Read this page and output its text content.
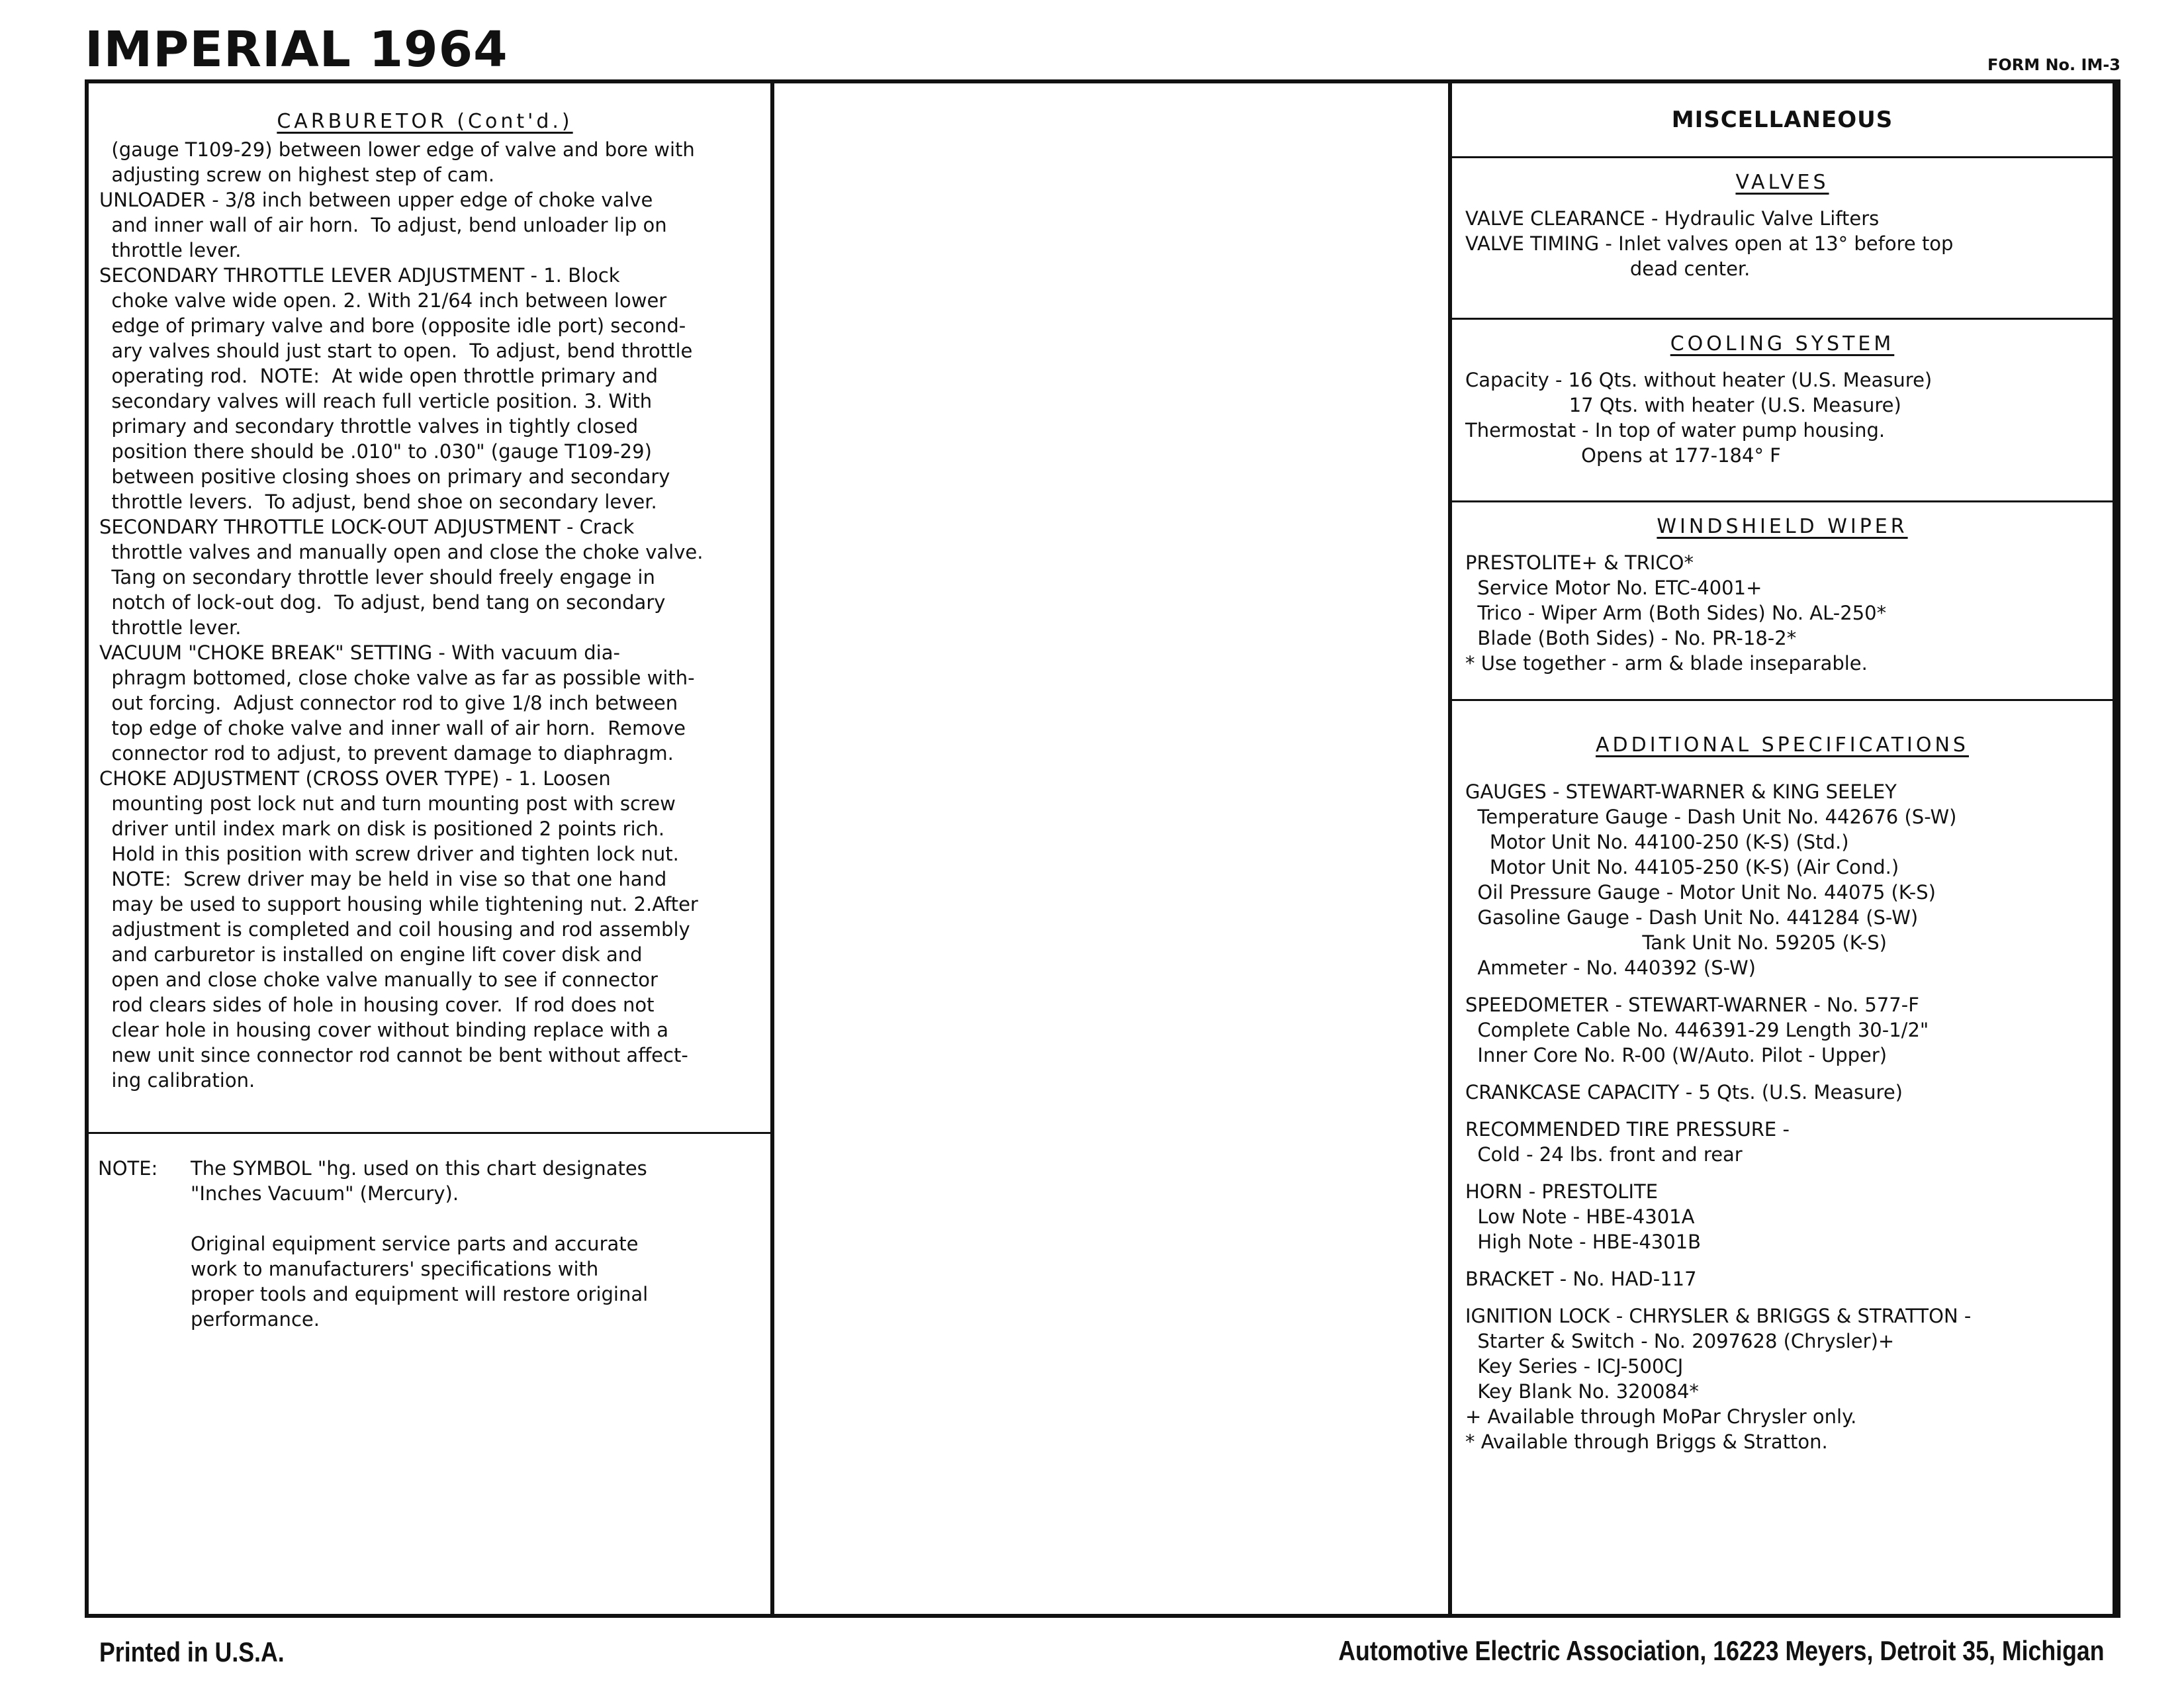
IMPERIAL 1964	FORM No. IM-3
CARBURETOR (Cont'd.)
(gauge T109-29) between lower edge of valve and bore with
adjusting screw on highest step of cam.
UNLOADER - 3/8 inch between upper edge of choke valve
and inner wall of air horn.  To adjust, bend unloader lip on
throttle lever.
SECONDARY THROTTLE LEVER ADJUSTMENT - 1. Block
choke valve wide open. 2. With 21/64 inch between lower
edge of primary valve and bore (opposite idle port) second-
ary valves should just start to open.  To adjust, bend throttle
operating rod.  NOTE:  At wide open throttle primary and
secondary valves will reach full verticle position. 3. With
primary and secondary throttle valves in tightly closed
position there should be .010" to .030" (gauge T109-29)
between positive closing shoes on primary and secondary
throttle levers.  To adjust, bend shoe on secondary lever.
SECONDARY THROTTLE LOCK-OUT ADJUSTMENT - Crack
throttle valves and manually open and close the choke valve.
Tang on secondary throttle lever should freely engage in
notch of lock-out dog.  To adjust, bend tang on secondary
throttle lever.
VACUUM "CHOKE BREAK" SETTING - With vacuum dia-
phragm bottomed, close choke valve as far as possible with-
out forcing.  Adjust connector rod to give 1/8 inch between
top edge of choke valve and inner wall of air horn.  Remove
connector rod to adjust, to prevent damage to diaphragm.
CHOKE ADJUSTMENT (CROSS OVER TYPE) - 1. Loosen
mounting post lock nut and turn mounting post with screw
driver until index mark on disk is positioned 2 points rich.
Hold in this position with screw driver and tighten lock nut.
NOTE:  Screw driver may be held in vise so that one hand
may be used to support housing while tightening nut. 2.After
adjustment is completed and coil housing and rod assembly
and carburetor is installed on engine lift cover disk and
open and close choke valve manually to see if connector
rod clears sides of hole in housing cover.  If rod does not
clear hole in housing cover without binding replace with a
new unit since connector rod cannot be bent without affect-
ing calibration.
NOTE:	The SYMBOL "hg. used on this chart designates
"Inches Vacuum" (Mercury).
Original equipment service parts and accurate
work to manufacturers' specifications with
proper tools and equipment will restore original
performance.
MISCELLANEOUS
VALVES
VALVE CLEARANCE - Hydraulic Valve Lifters
VALVE TIMING - Inlet valves open at 13° before top
dead center.
COOLING SYSTEM
Capacity - 16 Qts. without heater (U.S. Measure)
17 Qts. with heater (U.S. Measure)
Thermostat - In top of water pump housing.
Opens at 177-184° F
WINDSHIELD WIPER
PRESTOLITE+ & TRICO*
Service Motor No. ETC-4001+
Trico - Wiper Arm (Both Sides) No. AL-250*
Blade (Both Sides) - No. PR-18-2*
* Use together - arm & blade inseparable.
ADDITIONAL SPECIFICATIONS
GAUGES - STEWART-WARNER & KING SEELEY
Temperature Gauge - Dash Unit No. 442676 (S-W)
Motor Unit No. 44100-250 (K-S) (Std.)
Motor Unit No. 44105-250 (K-S) (Air Cond.)
Oil Pressure Gauge - Motor Unit No. 44075 (K-S)
Gasoline Gauge - Dash Unit No. 441284 (S-W)
Tank Unit No. 59205 (K-S)
Ammeter - No. 440392 (S-W)
SPEEDOMETER - STEWART-WARNER - No. 577-F
Complete Cable No. 446391-29 Length 30-1/2"
Inner Core No. R-00 (W/Auto. Pilot - Upper)
CRANKCASE CAPACITY - 5 Qts. (U.S. Measure)
RECOMMENDED TIRE PRESSURE -
Cold - 24 lbs. front and rear
HORN - PRESTOLITE
Low Note - HBE-4301A
High Note - HBE-4301B
BRACKET - No. HAD-117
IGNITION LOCK - CHRYSLER & BRIGGS & STRATTON -
Starter & Switch - No. 2097628 (Chrysler)+
Key Series - ICJ-500CJ
Key Blank No. 320084*
+ Available through MoPar Chrysler only.
* Available through Briggs & Stratton.
Printed in U.S.A.	Automotive Electric Association, 16223 Meyers, Detroit 35, Michigan
